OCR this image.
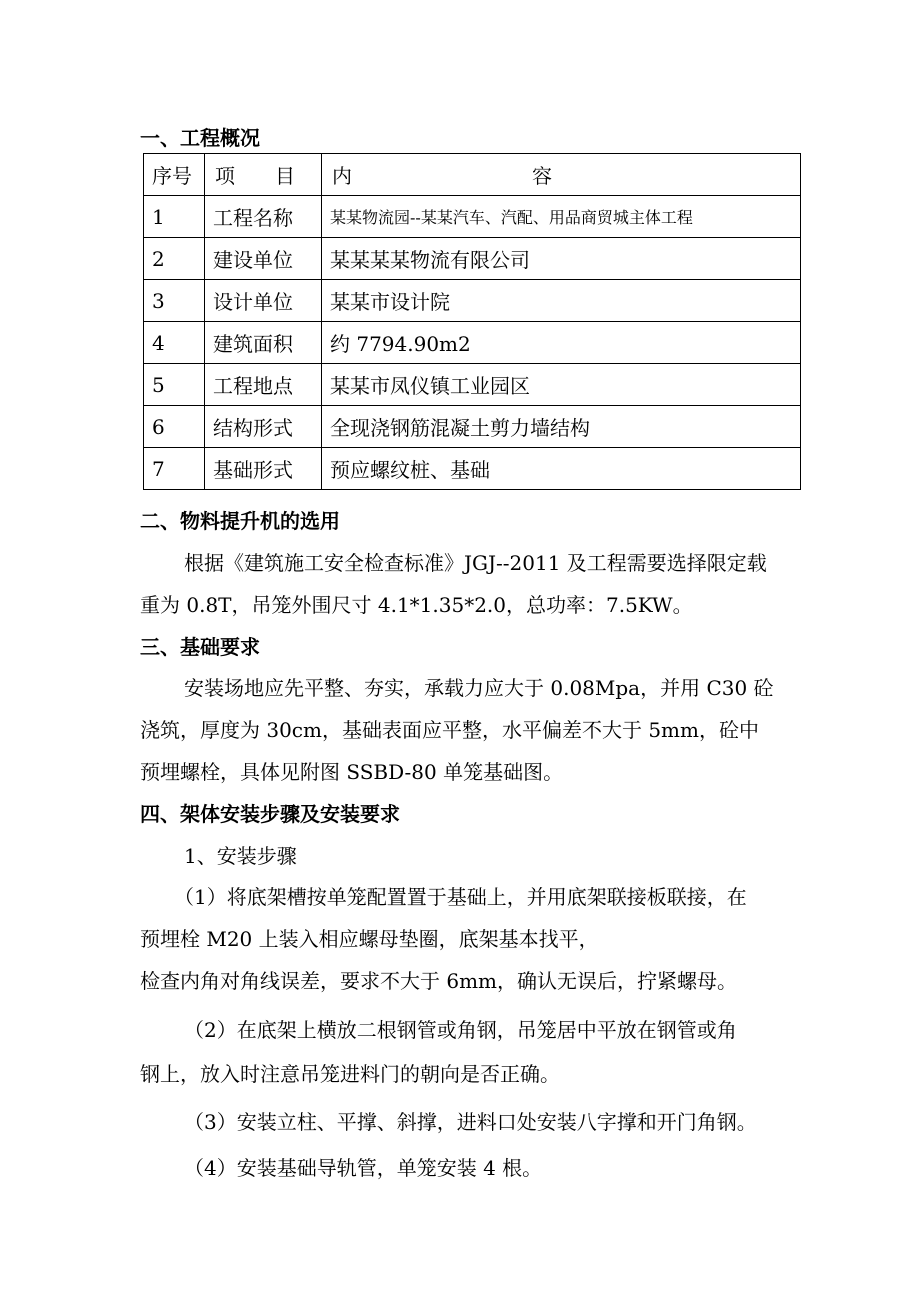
一、工程概况
序号	项　　目	内 容
1	工程名称	某某物流园--某某汽车、汽配、用品商贸城主体工程
2	建设单位	某某某某物流有限公司
3	设计单位	某某市设计院
4	建筑面积	约 7794.90m2
5	工程地点	某某市凤仪镇工业园区
6	结构形式	全现浇钢筋混凝土剪力墙结构
7	基础形式	预应螺纹桩、基础
二、物料提升机的选用
根据《建筑施工安全检查标准》JGJ--2011 及工程需要选择限定载
重为 0.8T，吊笼外围尺寸 4.1*1.35*2.0，总功率：7.5KW。
三、基础要求
安装场地应先平整、夯实，承载力应大于 0.08Mpa，并用 C30 砼
浇筑，厚度为 30cm，基础表面应平整，水平偏差不大于 5mm，砼中
预埋螺栓，具体见附图 SSBD-80 单笼基础图。
四、架体安装步骤及安装要求
1、安装步骤
（1）将底架槽按单笼配置置于基础上，并用底架联接板联接，在
预埋栓 M20 上装入相应螺母垫圈，底架基本找平，
检查内角对角线误差，要求不大于 6mm，确认无误后，拧紧螺母。
（2）在底架上横放二根钢管或角钢，吊笼居中平放在钢管或角
钢上，放入时注意吊笼进料门的朝向是否正确。
（3）安装立柱、平撑、斜撑，进料口处安装八字撑和开门角钢。
（4）安装基础导轨管，单笼安装 4 根。
